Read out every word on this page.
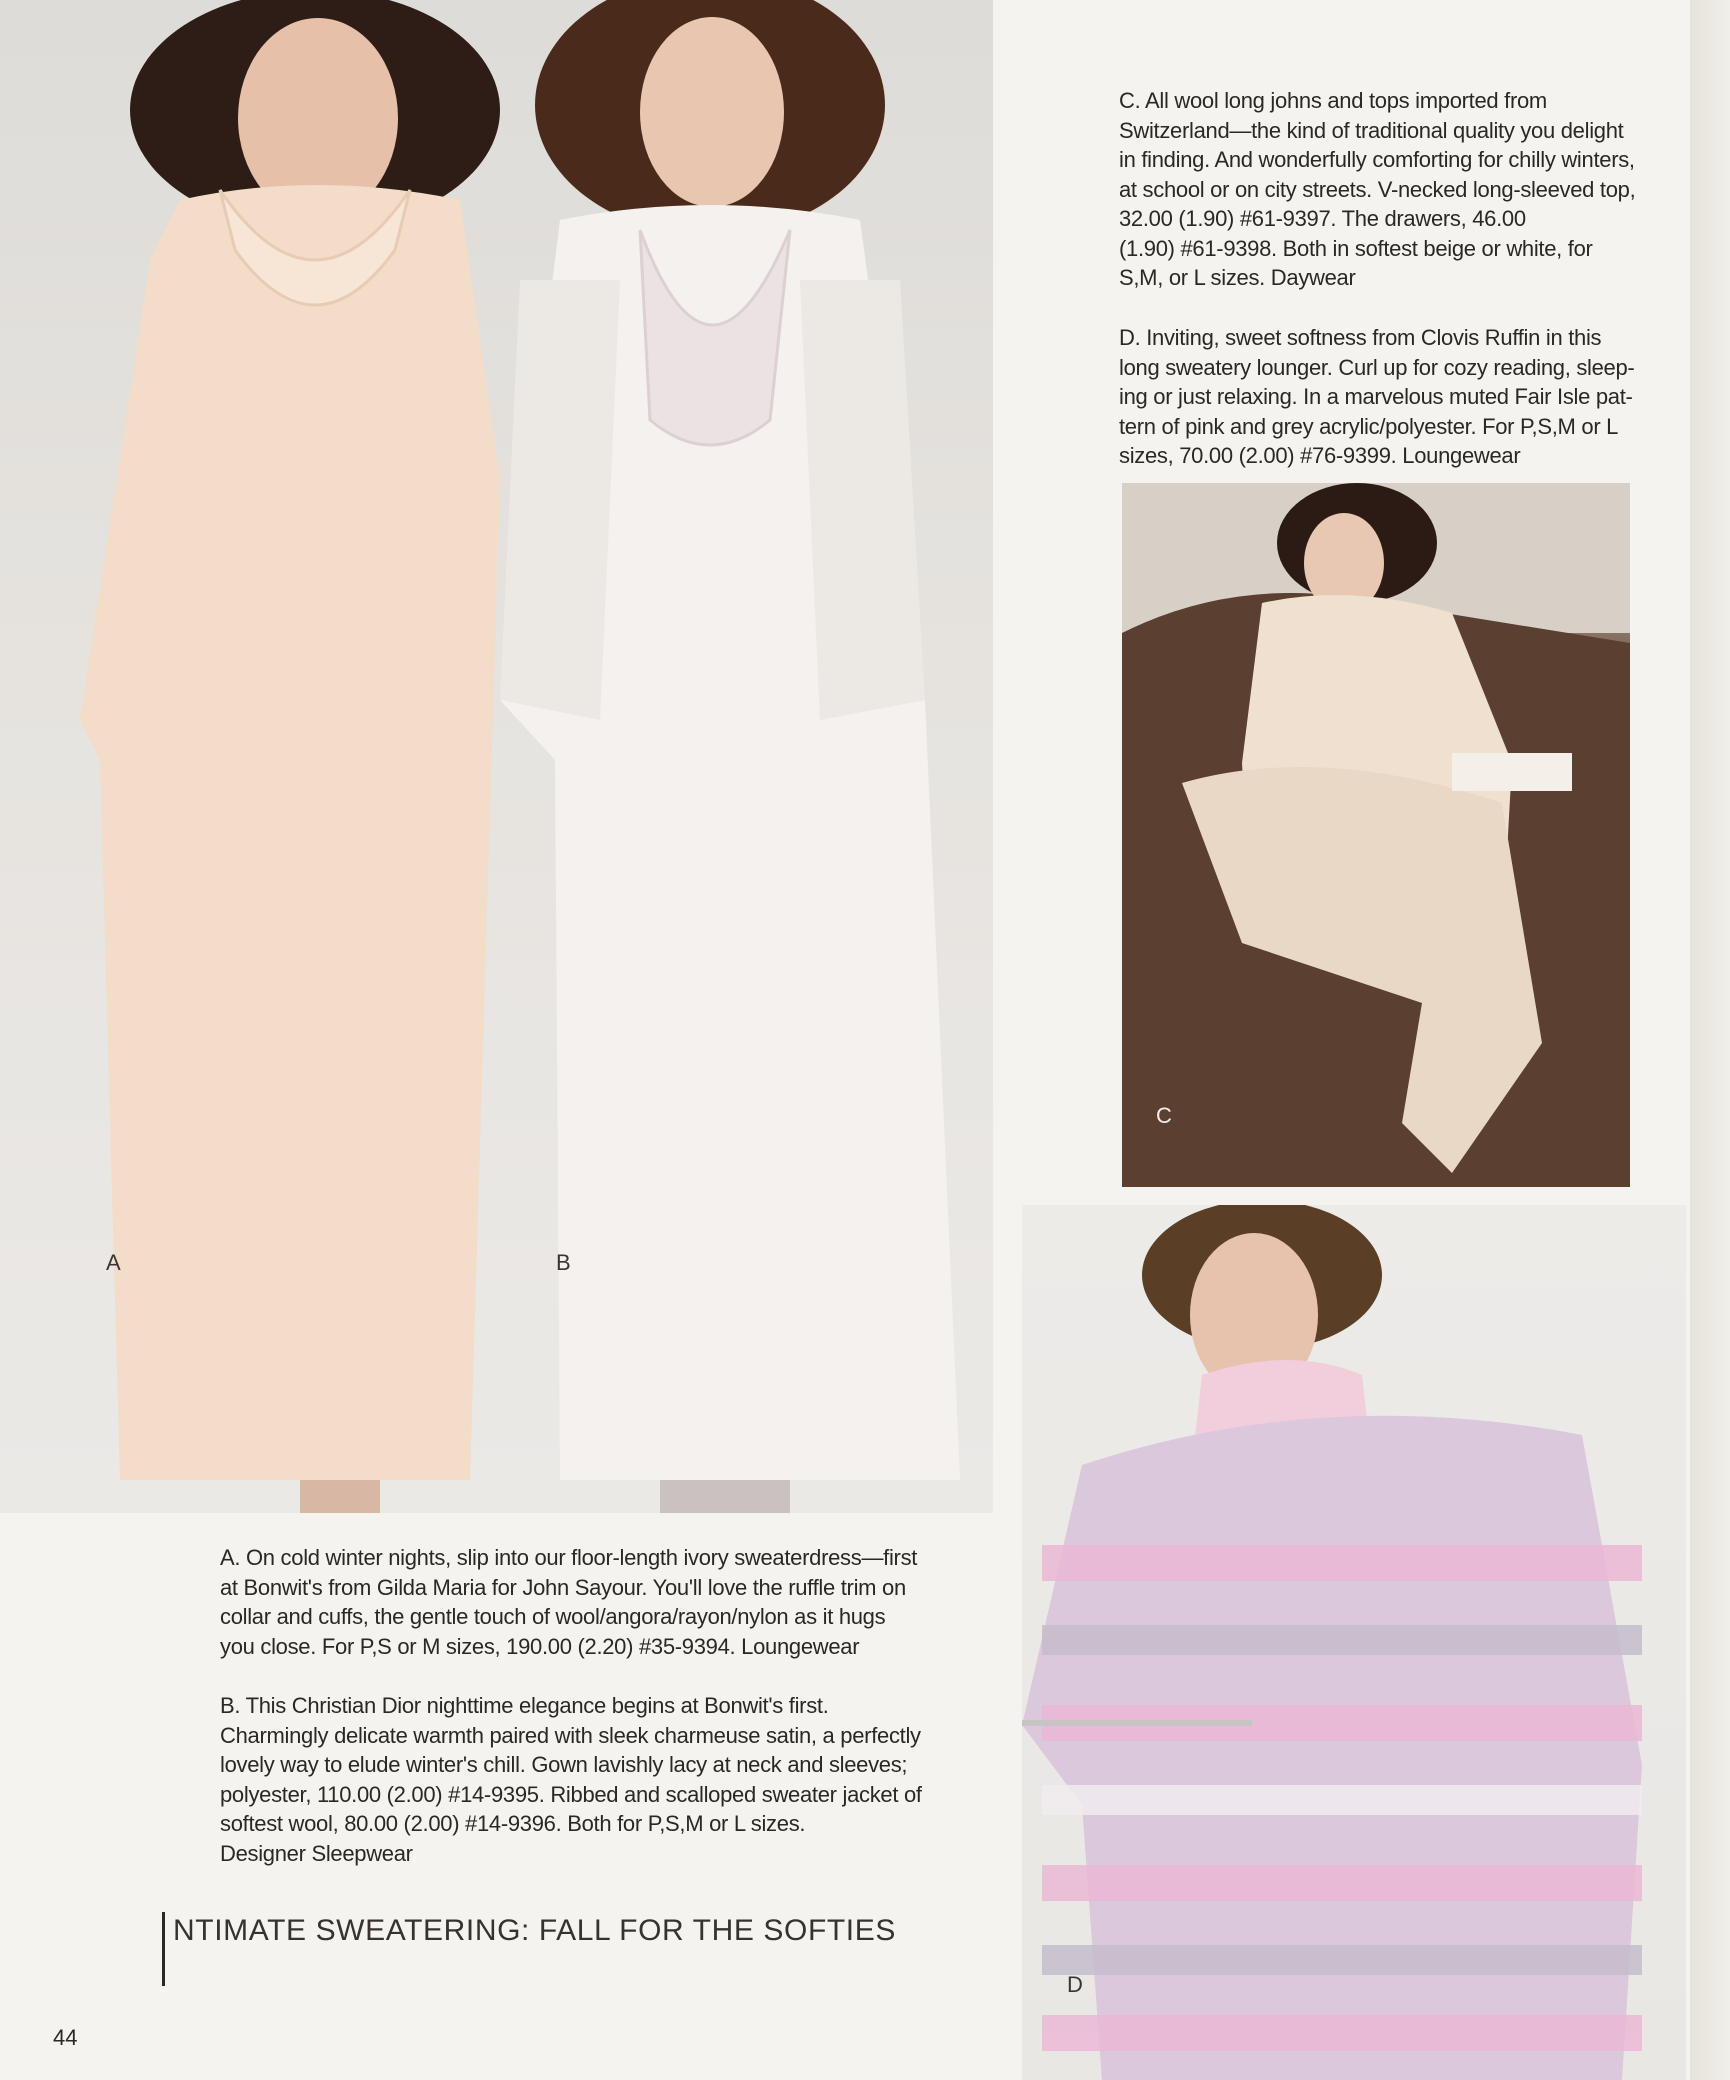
A	B
C. All wool long johns and tops imported from
Switzerland—the kind of traditional quality you delight
in finding. And wonderfully comforting for chilly winters,
at school or on city streets. V-necked long-sleeved top,
32.00 (1.90) #61-9397. The drawers, 46.00
(1.90) #61-9398. Both in softest beige or white, for
S,M, or L sizes. Daywear
D. Inviting, sweet softness from Clovis Ruffin in this
long sweatery lounger. Curl up for cozy reading, sleep-
ing or just relaxing. In a marvelous muted Fair Isle pat-
tern of pink and grey acrylic/polyester. For P,S,M or L
sizes, 70.00 (2.00) #76-9399. Loungewear
C
D
A. On cold winter nights, slip into our floor-length ivory sweaterdress—first
at Bonwit's from Gilda Maria for John Sayour. You'll love the ruffle trim on
collar and cuffs, the gentle touch of wool/angora/rayon/nylon as it hugs
you close. For P,S or M sizes, 190.00 (2.20) #35-9394. Loungewear
B. This Christian Dior nighttime elegance begins at Bonwit's first.
Charmingly delicate warmth paired with sleek charmeuse satin, a perfectly
lovely way to elude winter's chill. Gown lavishly lacy at neck and sleeves;
polyester, 110.00 (2.00) #14-9395. Ribbed and scalloped sweater jacket of
softest wool, 80.00 (2.00) #14-9396. Both for P,S,M or L sizes.
Designer Sleepwear
NTIMATE SWEATERING: FALL FOR THE SOFTIES
44
